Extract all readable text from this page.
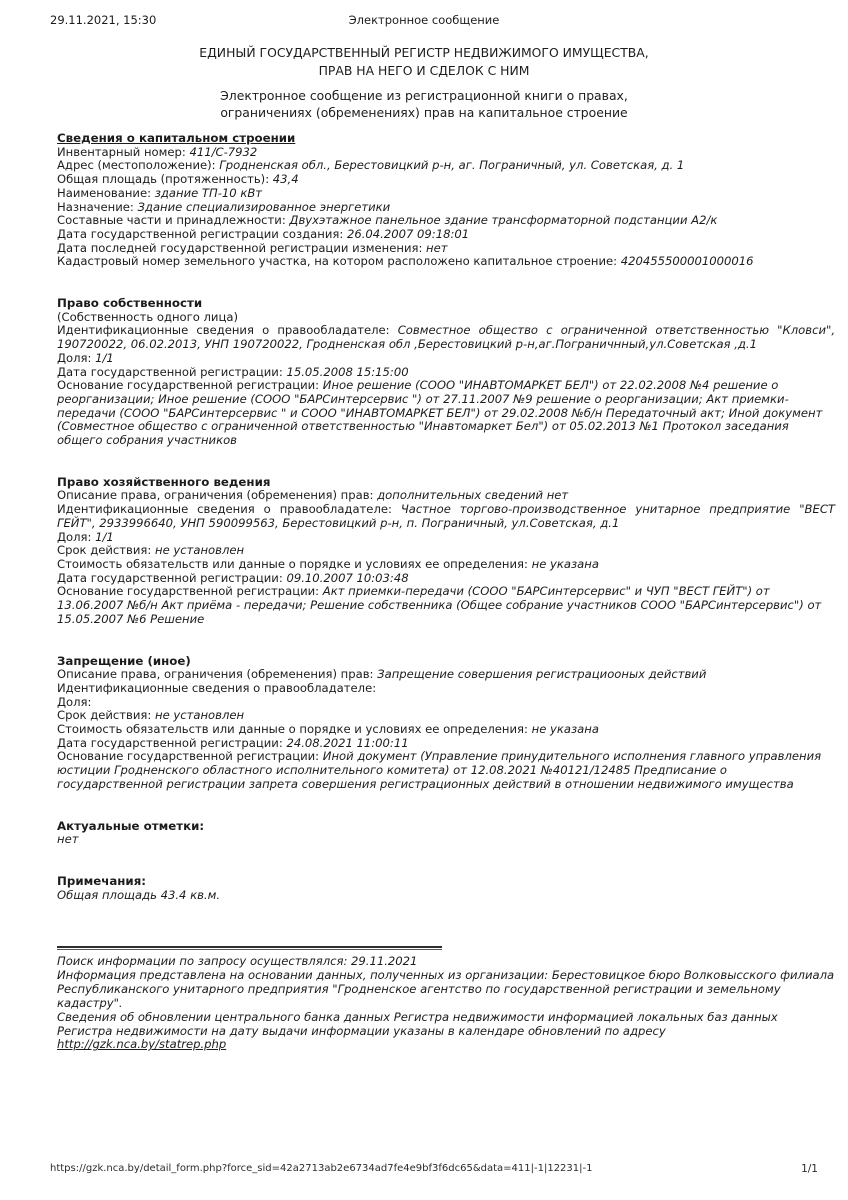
29.11.2021, 15:30	Электронное сообщение
ЕДИНЫЙ ГОСУДАРСТВЕННЫЙ РЕГИСТР НЕДВИЖИМОГО ИМУЩЕСТВА,
ПРАВ НА НЕГО И СДЕЛОК С НИМ
Электронное сообщение из регистрационной книги о правах,
ограничениях (обременениях) прав на капитальное строение
Сведения о капитальном строении
Инвентарный номер: 411/С-7932
Адрес (местоположение): Гродненская обл., Берестовицкий р-н, аг. Пограничный, ул. Советская, д. 1
Общая площадь (протяженность): 43,4
Наименование: здание ТП-10 кВт
Назначение: Здание специализированное энергетики
Составные части и принадлежности: Двухэтажное панельное здание трансформаторной подстанции А2/к
Дата государственной регистрации создания: 26.04.2007 09:18:01
Дата последней государственной регистрации изменения: нет
Кадастровый номер земельного участка, на котором расположено капитальное строение: 420455500001000016
Право собственности
(Собственность одного лица)
Идентификационные сведения о правообладателе: Совместное общество с ограниченной ответственностью "Кловси", 190720022, 06.02.2013, УНП 190720022, Гродненская обл ,Берестовицкий р-н,аг.Пограничнный,ул.Советская ,д.1
Доля: 1/1
Дата государственной регистрации: 15.05.2008 15:15:00
Основание государственной регистрации: Иное решение (СООО "ИНАВТОМАРКЕТ БЕЛ") от 22.02.2008 №4 решение о реорганизации; Иное решение (СООО "БАРСинтерсервис ") от 27.11.2007 №9 решение о реорганизации; Акт приемки-передачи (СООО "БАРСинтерсервис " и СООО "ИНАВТОМАРКЕТ БЕЛ") от 29.02.2008 №б/н Передаточный акт; Иной документ (Совместное общество с ограниченной ответственностью "Инавтомаркет Бел") от 05.02.2013 №1 Протокол заседания общего собрания участников
Право хозяйственного ведения
Описание права, ограничения (обременения) прав: дополнительных сведений нет
Идентификационные сведения о правообладателе: Частное торгово-производственное унитарное предприятие "ВЕСТ ГЕЙТ", 2933996640, УНП 590099563, Берестовицкий р-н, п. Пограничный, ул.Советская, д.1
Доля: 1/1
Срок действия: не установлен
Стоимость обязательств или данные о порядке и условиях ее определения: не указана
Дата государственной регистрации: 09.10.2007 10:03:48
Основание государственной регистрации: Акт приемки-передачи (СООО "БАРСинтерсервис" и ЧУП "ВЕСТ ГЕЙТ") от 13.06.2007 №б/н Акт приёма - передачи; Решение собственника (Общее собрание участников СООО "БАРСинтерсервис") от 15.05.2007 №6 Решение
Запрещение (иное)
Описание права, ограничения (обременения) прав: Запрещение совершения регистрациооных действий
Идентификационные сведения о правообладателе:
Доля:
Срок действия: не установлен
Стоимость обязательств или данные о порядке и условиях ее определения: не указана
Дата государственной регистрации: 24.08.2021 11:00:11
Основание государственной регистрации: Иной документ (Управление принудительного исполнения главного управления юстиции Гродненского областного исполнительного комитета) от 12.08.2021 №40121/12485 Предписание о государственной регистрации запрета совершения регистрационных действий в отношении недвижимого имущества
Актуальные отметки:
нет
Примечания:
Общая площадь 43.4 кв.м.
Поиск информации по запросу осуществлялся: 29.11.2021
Информация представлена на основании данных, полученных из организации: Берестовицкое бюро Волковысского филиала Республиканского унитарного предприятия "Гродненское агентство по государственной регистрации и земельному кадастру".
Сведения об обновлении центрального банка данных Регистра недвижимости информацией локальных баз данных Регистра недвижимости на дату выдачи информации указаны в календаре обновлений по адресу
http://gzk.nca.by/statrep.php
https://gzk.nca.by/detail_form.php?force_sid=42a2713ab2e6734ad7fe4e9bf3f6dc65&data=411|-1|12231|-1	1/1
